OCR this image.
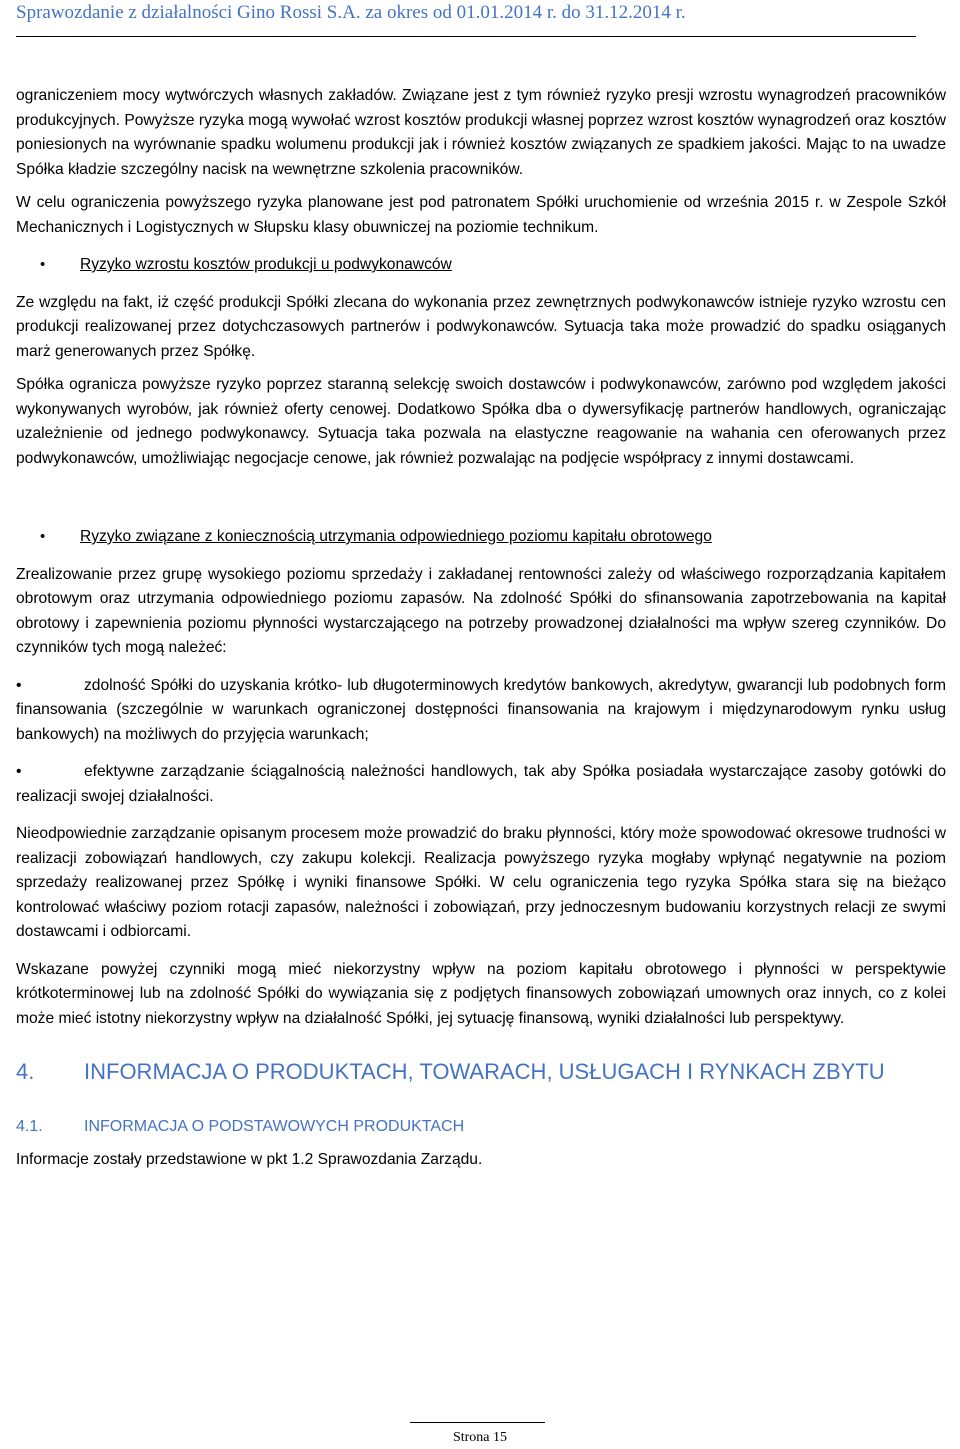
Sprawozdanie z działalności Gino Rossi S.A. za okres od 01.01.2014 r. do 31.12.2014 r.

ograniczeniem mocy wytwórczych własnych zakładów. Związane jest z tym również ryzyko presji wzrostu wynagrodzeń pracowników produkcyjnych. Powyższe ryzyka mogą wywołać wzrost kosztów produkcji własnej poprzez wzrost kosztów wynagrodzeń oraz kosztów poniesionych na wyrównanie spadku wolumenu produkcji jak i również kosztów związanych ze spadkiem jakości. Mając to na uwadze Spółka kładzie szczególny nacisk na wewnętrzne szkolenia pracowników.

W celu ograniczenia powyższego ryzyka planowane jest pod patronatem Spółki uruchomienie od września 2015 r. w Zespole Szkół Mechanicznych i Logistycznych w Słupsku klasy obuwniczej na poziomie technikum.

•	Ryzyko wzrostu kosztów produkcji u podwykonawców

Ze względu na fakt, iż część produkcji Spółki zlecana do wykonania przez zewnętrznych podwykonawców istnieje ryzyko wzrostu cen produkcji realizowanej przez dotychczasowych partnerów i podwykonawców. Sytuacja taka może prowadzić do spadku osiąganych marż generowanych przez Spółkę.

Spółka ogranicza powyższe ryzyko poprzez staranną selekcję swoich dostawców i podwykonawców, zarówno pod względem jakości wykonywanych wyrobów, jak również oferty cenowej. Dodatkowo Spółka dba o dywersyfikację partnerów handlowych, ograniczając uzależnienie od jednego podwykonawcy. Sytuacja taka pozwala na elastyczne reagowanie na wahania cen oferowanych przez podwykonawców, umożliwiając negocjacje cenowe, jak również pozwalając na podjęcie współpracy z innymi dostawcami.

•	Ryzyko związane z koniecznością utrzymania odpowiedniego poziomu kapitału obrotowego

Zrealizowanie przez grupę wysokiego poziomu sprzedaży i zakładanej rentowności zależy od właściwego rozporządzania kapitałem obrotowym oraz utrzymania odpowiedniego poziomu zapasów. Na zdolność Spółki do sfinansowania zapotrzebowania na kapitał obrotowy i zapewnienia poziomu płynności wystarczającego na potrzeby prowadzonej działalności ma wpływ szereg czynników. Do czynników tych mogą należeć:

•	zdolność Spółki do uzyskania krótko- lub długoterminowych kredytów bankowych, akredytyw, gwarancji lub podobnych form finansowania (szczególnie w warunkach ograniczonej dostępności finansowania na krajowym i międzynarodowym rynku usług bankowych) na możliwych do przyjęcia warunkach;

•	efektywne zarządzanie ściągalnością należności handlowych, tak aby Spółka posiadała wystarczające zasoby gotówki do realizacji swojej działalności.

Nieodpowiednie zarządzanie opisanym procesem może prowadzić do braku płynności, który może spowodować okresowe trudności w realizacji zobowiązań handlowych, czy zakupu kolekcji. Realizacja powyższego ryzyka mogłaby wpłynąć negatywnie na poziom sprzedaży realizowanej przez Spółkę i wyniki finansowe Spółki. W celu ograniczenia tego ryzyka Spółka stara się na bieżąco kontrolować właściwy poziom rotacji zapasów, należności i zobowiązań, przy jednoczesnym budowaniu korzystnych relacji ze swymi dostawcami i odbiorcami.

Wskazane powyżej czynniki mogą mieć niekorzystny wpływ na poziom kapitału obrotowego i płynności w perspektywie krótkoterminowej lub na zdolność Spółki do wywiązania się z podjętych finansowych zobowiązań umownych oraz innych, co z kolei może mieć istotny niekorzystny wpływ na działalność Spółki, jej sytuację finansową, wyniki działalności lub perspektywy.

4.	INFORMACJA O PRODUKTACH, TOWARACH, USŁUGACH I RYNKACH ZBYTU
4.1.	INFORMACJA O PODSTAWOWYCH PRODUKTACH

Informacje zostały przedstawione w pkt 1.2 Sprawozdania Zarządu.

Strona 15
